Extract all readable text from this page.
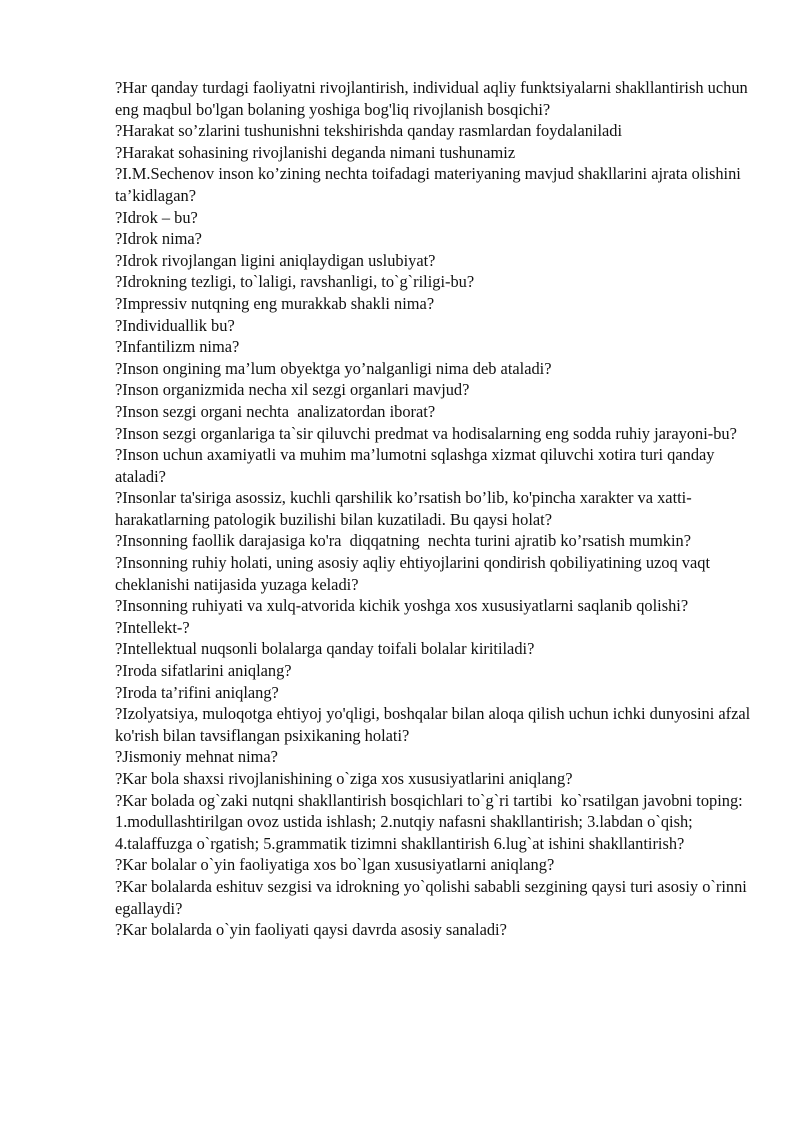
?Har qanday turdagi faoliyatni rivojlantirish, individual aqliy funktsiyalarni shakllantirish uchun eng maqbul bo'lgan bolaning yoshiga bog'liq rivojlanish bosqichi?

?Harakat so’zlarini tushunishni tekshirishda qanday rasmlardan foydalaniladi

?Harakat sohasining rivojlanishi deganda nimani tushunamiz

?I.M.Sechenov inson ko’zining nechta toifadagi materiyaning mavjud shakllarini ajrata olishini ta’kidlagan?

?Idrok – bu?

?Idrok nima?

?Idrok rivojlangan ligini aniqlaydigan uslubiyat?

?Idrokning tezligi, to`laligi, ravshanligi, to`g`riligi-bu?

?Impressiv nutqning eng murakkab shakli nima?

?Individuallik bu?

?Infantilizm nima?

?Inson ongining ma’lum obyektga yo’nalganligi nima deb ataladi?

?Inson organizmida necha xil sezgi organlari mavjud?

?Inson sezgi organi nechta  analizatordan iborat?

?Inson sezgi organlariga ta`sir qiluvchi predmat va hodisalarning eng sodda ruhiy jarayoni-bu?

?Inson uchun axamiyatli va muhim ma’lumotni sqlashga xizmat qiluvchi xotira turi qanday ataladi?

?Insonlar ta'siriga asossiz, kuchli qarshilik ko’rsatish bo’lib, ko'pincha xarakter va xatti-harakatlarning patologik buzilishi bilan kuzatiladi. Bu qaysi holat?

?Insonning faollik darajasiga ko'ra  diqqatning  nechta turini ajratib ko’rsatish mumkin?

?Insonning ruhiy holati, uning asosiy aqliy ehtiyojlarini qondirish qobiliyatining uzoq vaqt cheklanishi natijasida yuzaga keladi?

?Insonning ruhiyati va xulq-atvorida kichik yoshga xos xususiyatlarni saqlanib qolishi?

?Intellekt-?

?Intellektual nuqsonli bolalarga qanday toifali bolalar kiritiladi?

?Iroda sifatlarini aniqlang?

?Iroda ta’rifini aniqlang?

?Izolyatsiya, muloqotga ehtiyoj yo'qligi, boshqalar bilan aloqa qilish uchun ichki dunyosini afzal ko'rish bilan tavsiflangan psixikaning holati?

?Jismoniy mehnat nima?

?Kar bola shaxsi rivojlanishining o`ziga xos xususiyatlarini aniqlang?

?Kar bolada og`zaki nutqni shakllantirish bosqichlari to`g`ri tartibi  ko`rsatilgan javobni toping: 1.modullashtirilgan ovoz ustida ishlash; 2.nutqiy nafasni shakllantirish; 3.labdan o`qish; 4.talaffuzga o`rgatish; 5.grammatik tizimni shakllantirish 6.lug`at ishini shakllantirish?

?Kar bolalar o`yin faoliyatiga xos bo`lgan xususiyatlarni aniqlang?

?Kar bolalarda eshituv sezgisi va idrokning yo`qolishi sababli sezgining qaysi turi asosiy o`rinni egallaydi?

?Kar bolalarda o`yin faoliyati qaysi davrda asosiy sanaladi?
